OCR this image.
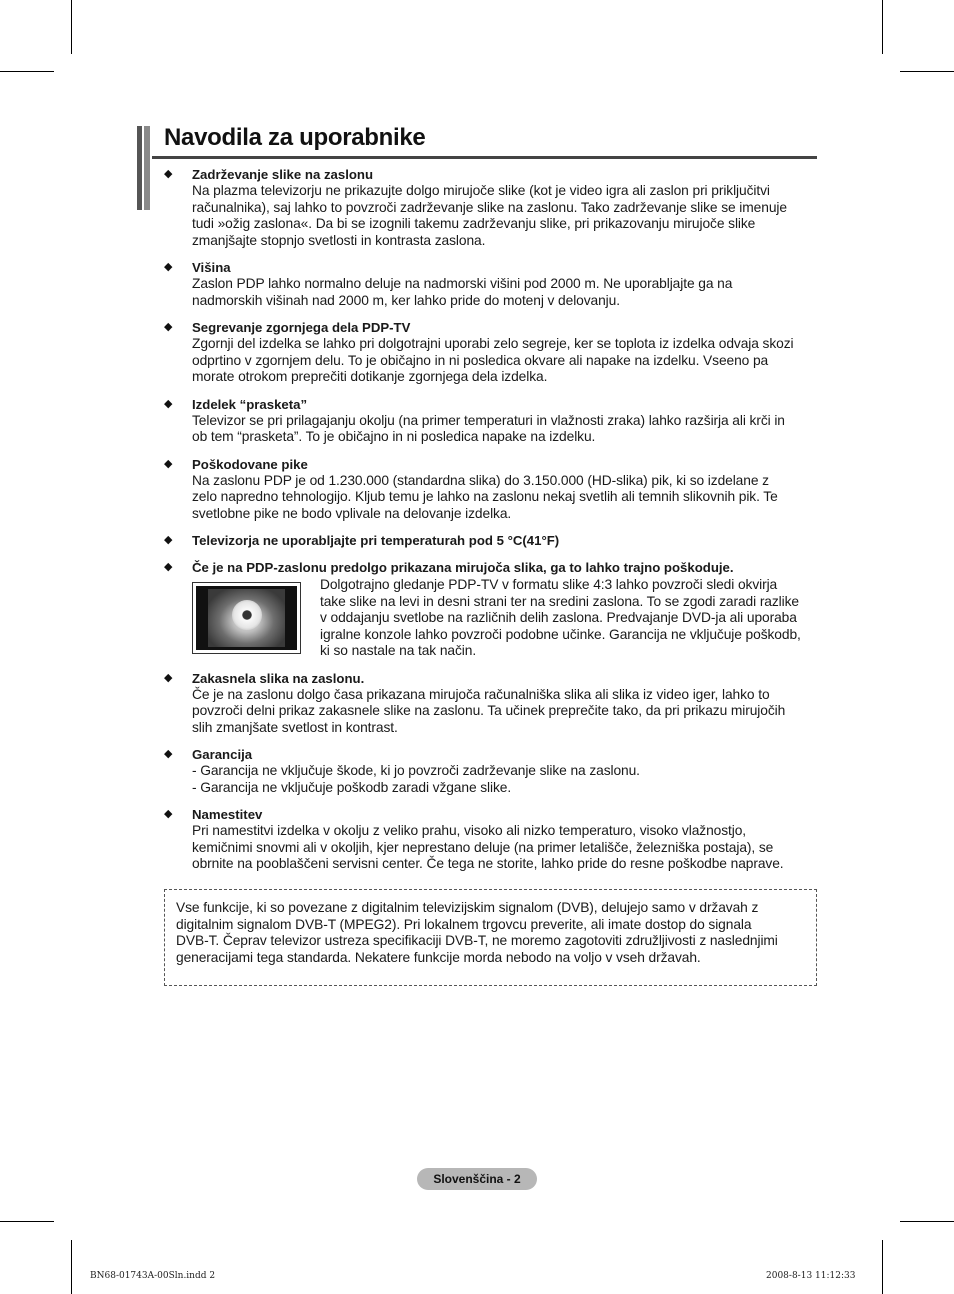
Navodila za uporabnike
◆ Zadrževanje slike na zaslonu
Na plazma televizorju ne prikazujte dolgo mirujoče slike (kot je video igra ali zaslon pri priključitvi
računalnika), saj lahko to povzroči zadrževanje slike na zaslonu. Tako zadrževanje slike se imenuje
tudi »ožig zaslona«. Da bi se izognili takemu zadrževanju slike, pri prikazovanju mirujoče slike
zmanjšajte stopnjo svetlosti in kontrasta zaslona.
◆ Višina
Zaslon PDP lahko normalno deluje na nadmorski višini pod 2000 m. Ne uporabljajte ga na
nadmorskih višinah nad 2000 m, ker lahko pride do motenj v delovanju.
◆ Segrevanje zgornjega dela PDP-TV
Zgornji del izdelka se lahko pri dolgotrajni uporabi zelo segreje, ker se toplota iz izdelka odvaja skozi
odprtino v zgornjem delu. To je običajno in ni posledica okvare ali napake na izdelku. Vseeno pa
morate otrokom preprečiti dotikanje zgornjega dela izdelka.
◆ Izdelek “prasketa”
Televizor se pri prilagajanju okolju (na primer temperaturi in vlažnosti zraka) lahko razširja ali krči in
ob tem “prasketa”. To je običajno in ni posledica napake na izdelku.
◆ Poškodovane pike
Na zaslonu PDP je od 1.230.000 (standardna slika) do 3.150.000 (HD-slika) pik, ki so izdelane z
zelo napredno tehnologijo. Kljub temu je lahko na zaslonu nekaj svetlih ali temnih slikovnih pik. Te
svetlobne pike ne bodo vplivale na delovanje izdelka.
◆ Televizorja ne uporabljajte pri temperaturah pod 5 °C(41°F)
◆ Če je na PDP-zaslonu predolgo prikazana mirujoča slika, ga to lahko trajno poškoduje.
Dolgotrajno gledanje PDP-TV v formatu slike 4:3 lahko povzroči sledi okvirja
take slike na levi in desni strani ter na sredini zaslona. To se zgodi zaradi razlike
v oddajanju svetlobe na različnih delih zaslona. Predvajanje DVD-ja ali uporaba
igralne konzole lahko povzroči podobne učinke. Garancija ne vključuje poškodb,
ki so nastale na tak način.
◆ Zakasnela slika na zaslonu.
Če je na zaslonu dolgo časa prikazana mirujoča računalniška slika ali slika iz video iger, lahko to
povzroči delni prikaz zakasnele slike na zaslonu. Ta učinek preprečite tako, da pri prikazu mirujočih
slih zmanjšate svetlost in kontrast.
◆ Garancija
- Garancija ne vključuje škode, ki jo povzroči zadrževanje slike na zaslonu.
- Garancija ne vključuje poškodb zaradi vžgane slike.
◆ Namestitev
Pri namestitvi izdelka v okolju z veliko prahu, visoko ali nizko temperaturo, visoko vlažnostjo,
kemičnimi snovmi ali v okoljih, kjer neprestano deluje (na primer letališče, železniška postaja), se
obrnite na pooblaščeni servisni center. Če tega ne storite, lahko pride do resne poškodbe naprave.
Vse funkcije, ki so povezane z digitalnim televizijskim signalom (DVB), delujejo samo v državah z
digitalnim signalom DVB-T (MPEG2). Pri lokalnem trgovcu preverite, ali imate dostop do signala
DVB-T. Čeprav televizor ustreza specifikaciji DVB-T, ne moremo zagotoviti združljivosti z naslednjimi
generacijami tega standarda. Nekatere funkcije morda nebodo na voljo v vseh državah.
Slovenščina - 2
BN68-01743A-00Sln.indd 2	2008-8-13 11:12:33
